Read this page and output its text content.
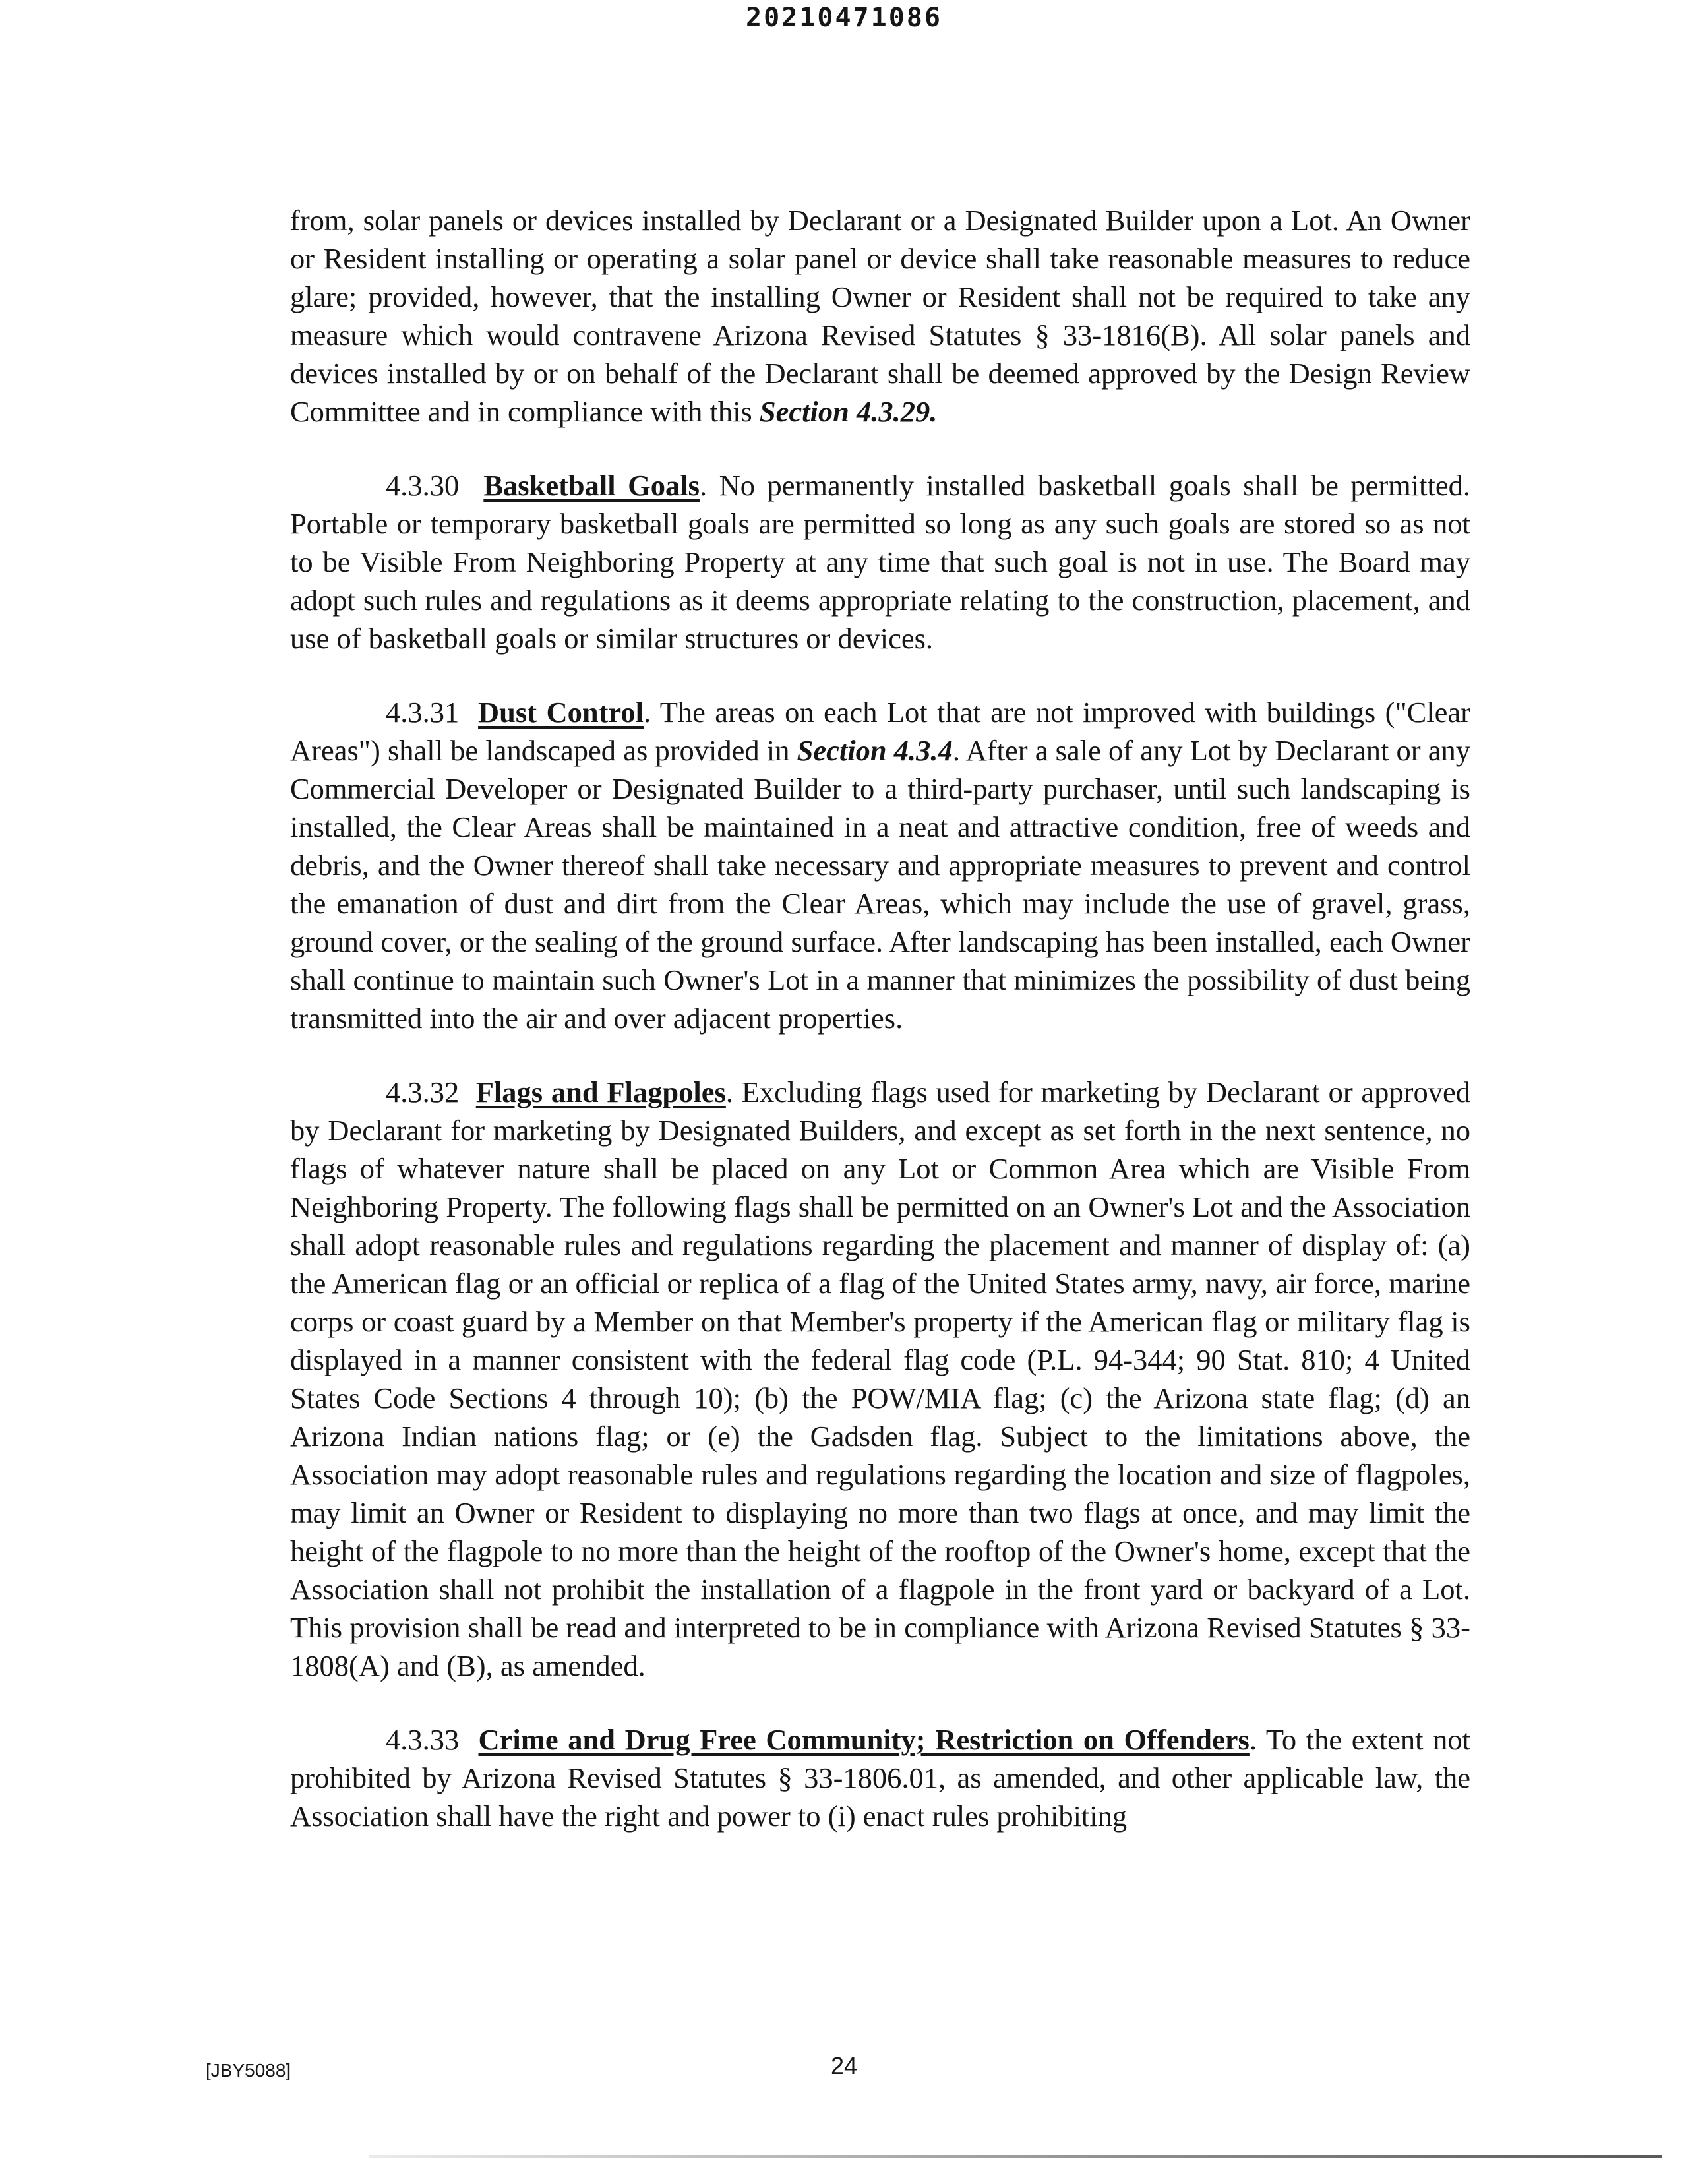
20210471086

from, solar panels or devices installed by Declarant or a Designated Builder upon a Lot. An Owner or Resident installing or operating a solar panel or device shall take reasonable measures to reduce glare; provided, however, that the installing Owner or Resident shall not be required to take any measure which would contravene Arizona Revised Statutes § 33-1816(B). All solar panels and devices installed by or on behalf of the Declarant shall be deemed approved by the Design Review Committee and in compliance with this Section 4.3.29.

4.3.30 Basketball Goals. No permanently installed basketball goals shall be permitted. Portable or temporary basketball goals are permitted so long as any such goals are stored so as not to be Visible From Neighboring Property at any time that such goal is not in use. The Board may adopt such rules and regulations as it deems appropriate relating to the construction, placement, and use of basketball goals or similar structures or devices.

4.3.31 Dust Control. The areas on each Lot that are not improved with buildings ("Clear Areas") shall be landscaped as provided in Section 4.3.4. After a sale of any Lot by Declarant or any Commercial Developer or Designated Builder to a third-party purchaser, until such landscaping is installed, the Clear Areas shall be maintained in a neat and attractive condition, free of weeds and debris, and the Owner thereof shall take necessary and appropriate measures to prevent and control the emanation of dust and dirt from the Clear Areas, which may include the use of gravel, grass, ground cover, or the sealing of the ground surface. After landscaping has been installed, each Owner shall continue to maintain such Owner's Lot in a manner that minimizes the possibility of dust being transmitted into the air and over adjacent properties.

4.3.32 Flags and Flagpoles. Excluding flags used for marketing by Declarant or approved by Declarant for marketing by Designated Builders, and except as set forth in the next sentence, no flags of whatever nature shall be placed on any Lot or Common Area which are Visible From Neighboring Property. The following flags shall be permitted on an Owner's Lot and the Association shall adopt reasonable rules and regulations regarding the placement and manner of display of: (a) the American flag or an official or replica of a flag of the United States army, navy, air force, marine corps or coast guard by a Member on that Member's property if the American flag or military flag is displayed in a manner consistent with the federal flag code (P.L. 94-344; 90 Stat. 810; 4 United States Code Sections 4 through 10); (b) the POW/MIA flag; (c) the Arizona state flag; (d) an Arizona Indian nations flag; or (e) the Gadsden flag. Subject to the limitations above, the Association may adopt reasonable rules and regulations regarding the location and size of flagpoles, may limit an Owner or Resident to displaying no more than two flags at once, and may limit the height of the flagpole to no more than the height of the rooftop of the Owner's home, except that the Association shall not prohibit the installation of a flagpole in the front yard or backyard of a Lot. This provision shall be read and interpreted to be in compliance with Arizona Revised Statutes § 33-1808(A) and (B), as amended.

4.3.33 Crime and Drug Free Community; Restriction on Offenders. To the extent not prohibited by Arizona Revised Statutes § 33-1806.01, as amended, and other applicable law, the Association shall have the right and power to (i) enact rules prohibiting

[JBY5088]	24
